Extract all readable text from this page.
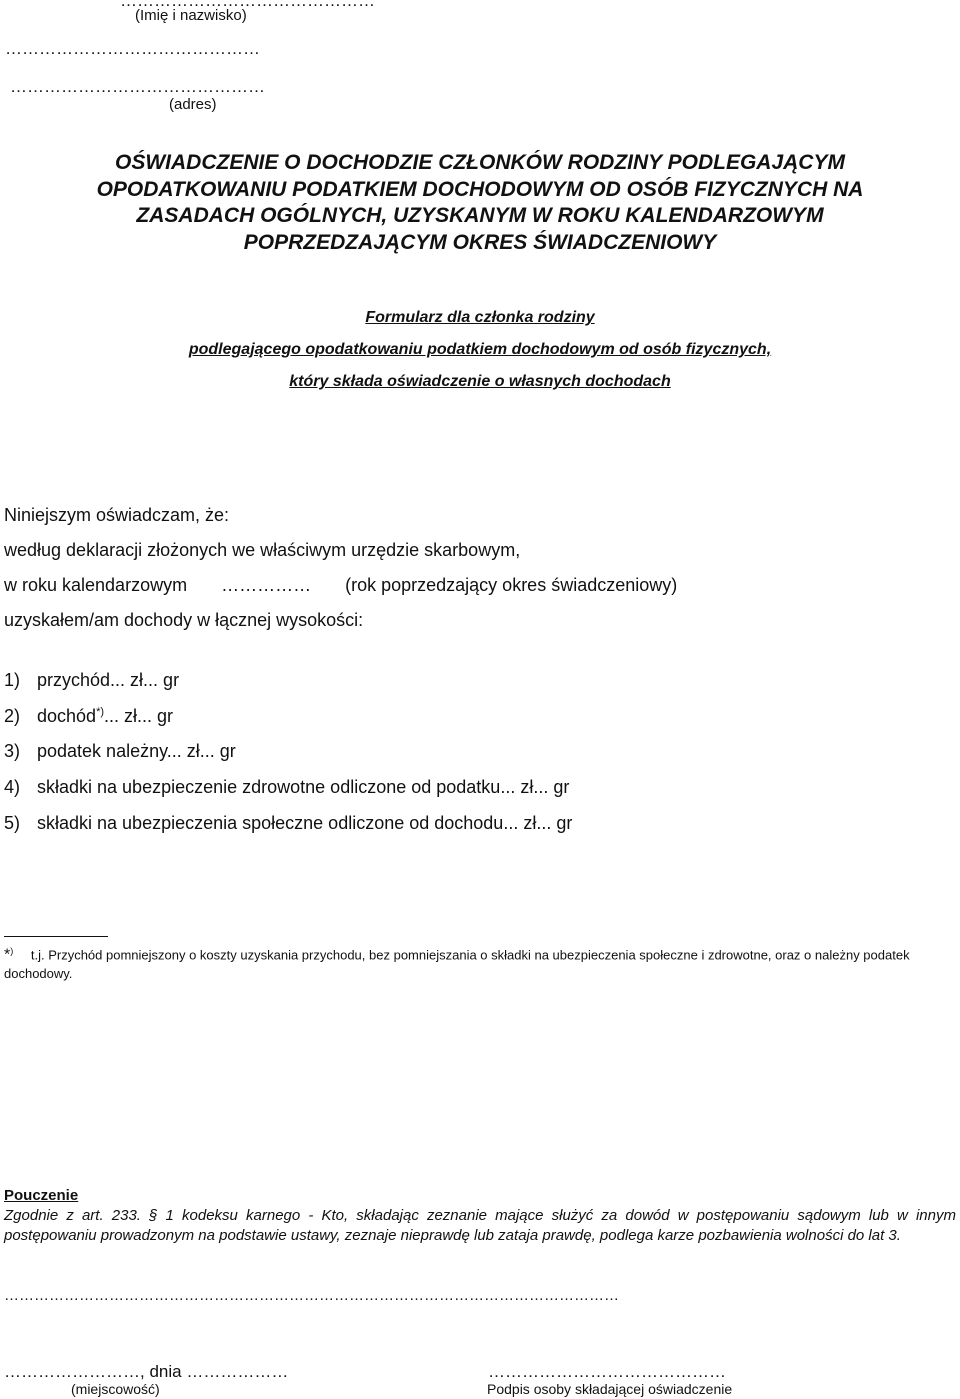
………………………………………
(Imię i nazwisko)
………………………………………
………………………………………
(adres)
OŚWIADCZENIE O DOCHODZIE CZŁONKÓW RODZINY PODLEGAJĄCYM
OPODATKOWANIU PODATKIEM DOCHODOWYM OD OSÓB FIZYCZNYCH NA
ZASADACH OGÓLNYCH, UZYSKANYM W ROKU KALENDARZOWYM
POPRZEDZAJĄCYM OKRES ŚWIADCZENIOWY
Formularz dla członka rodziny
podlegającego opodatkowaniu podatkiem dochodowym od osób fizycznych,
który składa oświadczenie o własnych dochodach
Niniejszym oświadczam, że:
według deklaracji złożonych we właściwym urzędzie skarbowym,
w roku kalendarzowym …………… (rok poprzedzający okres świadczeniowy)
uzyskałem/am dochody w łącznej wysokości:
1) przychód... zł... gr
2) dochód*)... zł... gr
3) podatek należny... zł... gr
4) składki na ubezpieczenie zdrowotne odliczone od podatku... zł... gr
5) składki na ubezpieczenia społeczne odliczone od dochodu... zł... gr
*) t.j. Przychód pomniejszony o koszty uzyskania przychodu, bez pomniejszania o składki na ubezpieczenia społeczne i zdrowotne, oraz o należny podatek dochodowy.
Pouczenie
Zgodnie z art. 233. § 1 kodeksu karnego - Kto, składając zeznanie mające służyć za dowód w postępowaniu sądowym lub w innym postępowaniu prowadzonym na podstawie ustawy, zeznaje nieprawdę lub zataja prawdę, podlega karze pozbawienia wolności do lat 3.
……………………………………………………………………………………………………………
……………………, dnia ………………	……………………………………
(miejscowość)	Podpis osoby składającej oświadczenie
